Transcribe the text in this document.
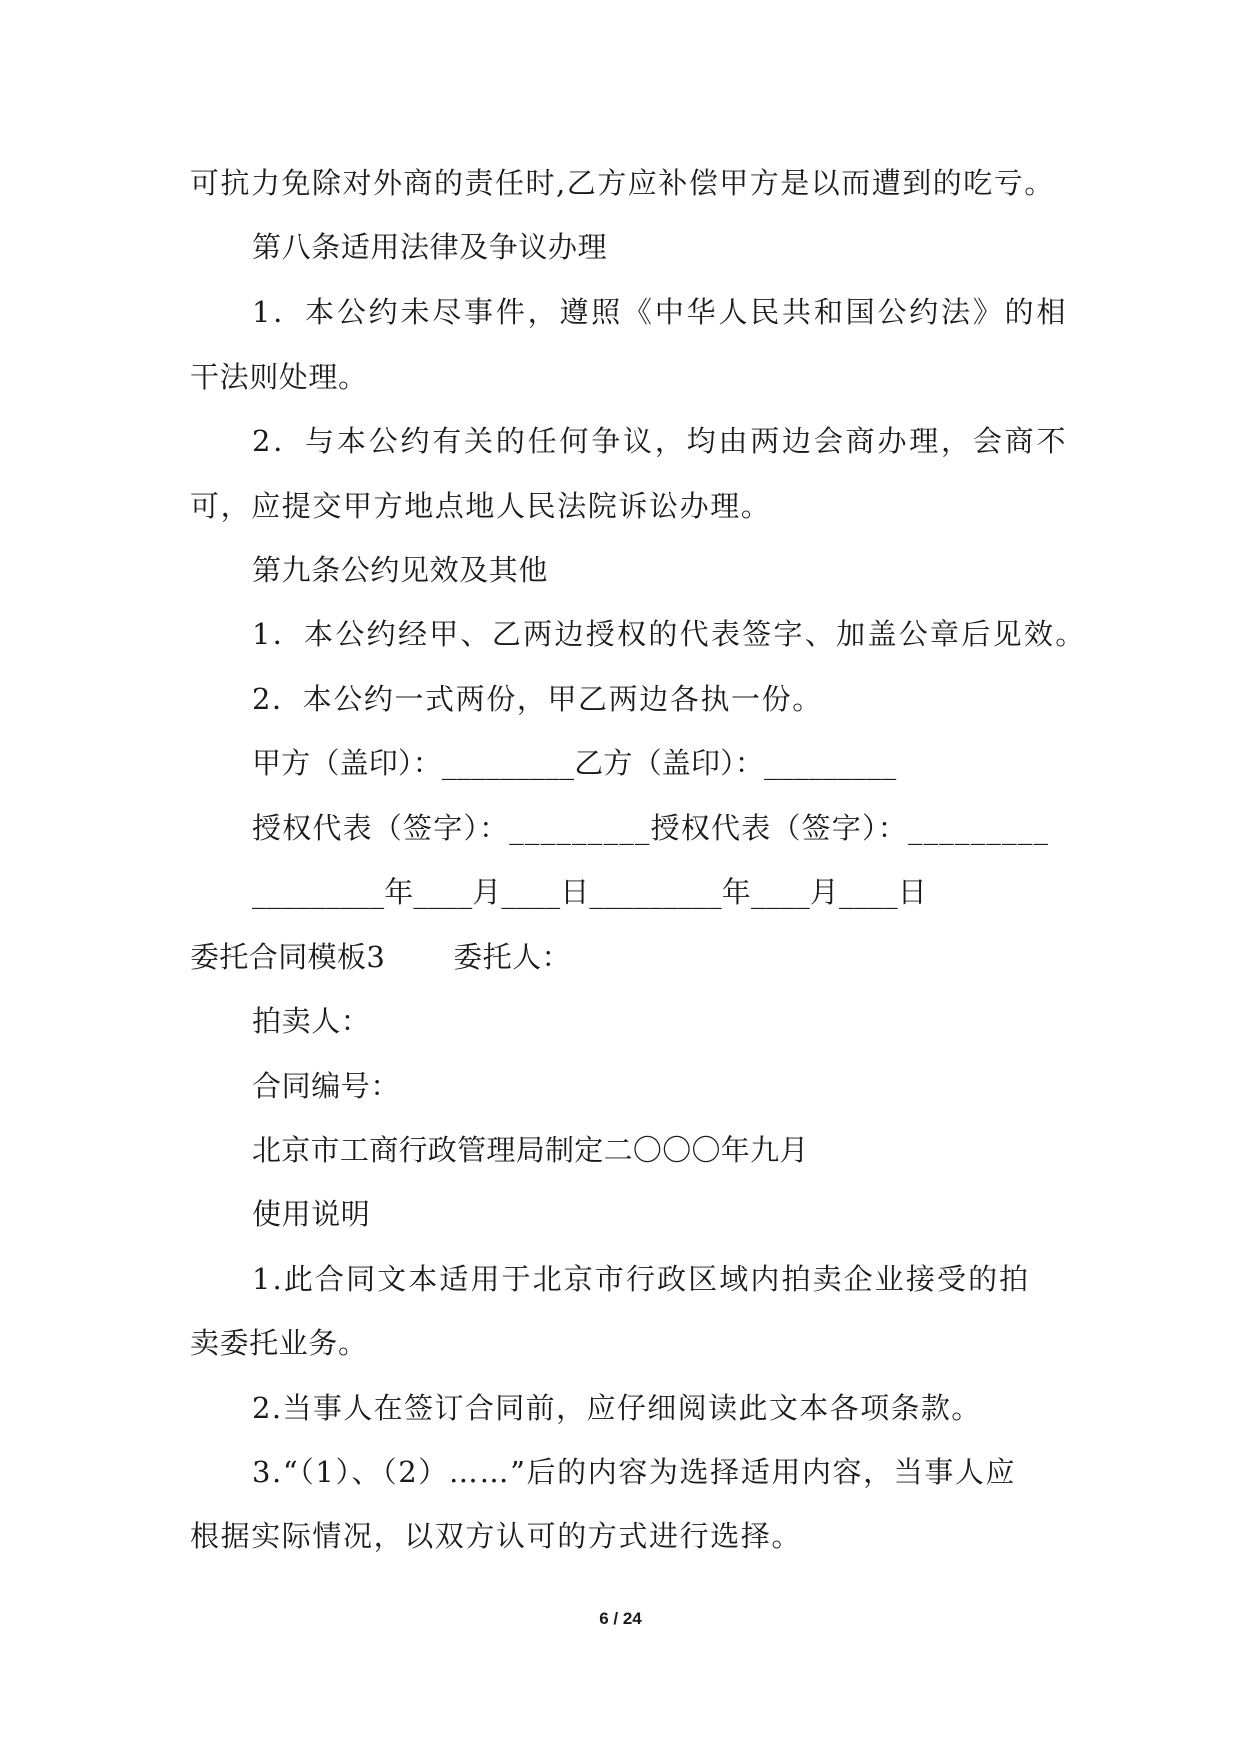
可抗力免除对外商的责任时,乙方应补偿甲方是以而遭到的吃亏。

第八条适用法律及争议办理

1．本公约未尽事件，遵照《中华人民共和国公约法》的相

干法则处理。

2．与本公约有关的任何争议，均由两边会商办理，会商不

可，应提交甲方地点地人民法院诉讼办理。

第九条公约见效及其他

1．本公约经甲、乙两边授权的代表签字、加盖公章后见效。

2．本公约一式两份，甲乙两边各执一份。

甲方（盖印）：_________乙方（盖印）：_________

授权代表（签字）：_________授权代表（签字）：_________

_________年____月____日_________年____月____日

委托合同模板3 委托人：

拍卖人：

合同编号：

北京市工商行政管理局制定二〇〇〇年九月

使用说明

1.此合同文本适用于北京市行政区域内拍卖企业接受的拍

卖委托业务。

2.当事人在签订合同前，应仔细阅读此文本各项条款。

3.“（1）、（2）……”后的内容为选择适用内容，当事人应

根据实际情况，以双方认可的方式进行选择。

6 / 24
